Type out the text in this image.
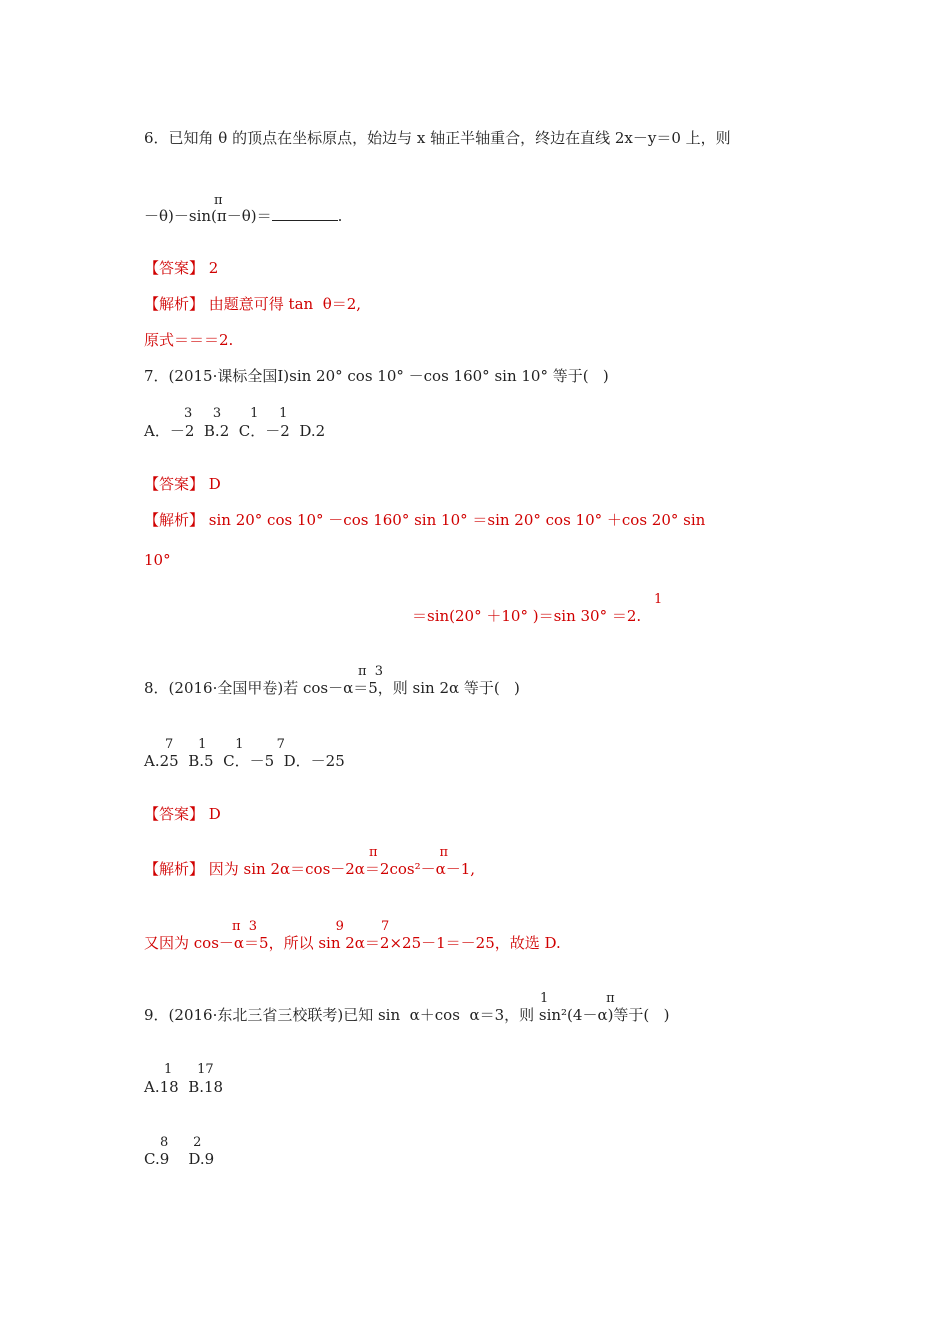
6．已知角 θ 的顶点在坐标原点，始边与 x 轴正半轴重合，终边在直线 2x－y＝0 上，则
π
－θ)－sin(π－θ)＝	.
【答案】 2
【解析】 由题意可得 tan  θ＝2,
原式＝＝＝2.
7．(2015·课标全国Ⅰ)sin 20° cos 10° －cos 160° sin 10° 等于(   )
3     3       1     1
A．－2  B.2  C．－2  D.2
【答案】 D
【解析】 sin 20° cos 10° －cos 160° sin 10° ＝sin 20° cos 10° ＋cos 20° sin
10°
1
＝sin(20° ＋10° )＝sin 30° ＝2.
π  3
8．(2016·全国甲卷)若 cos－α＝5，则 sin 2α 等于(   )
7      1       1        7
A.25  B.5  C．－5  D．－25
【答案】 D
π               π
【解析】 因为 sin 2α＝cos－2α＝2cos²－α－1,
π  3                   9         7
又因为 cos－α＝5，所以 sin 2α＝2×25－1＝－25，故选 D.
1              π
9．(2016·东北三省三校联考)已知 sin  α＋cos  α＝3，则 sin²(4－α)等于(   )
1      17
A.18  B.18
8      2
C.9    D.9
